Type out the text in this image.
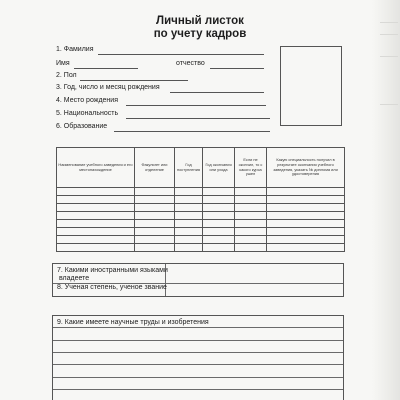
Личный листок
по учету кадров
1. Фамилия
Имя	отчество
2. Пол
3. Год, число и месяц рождения
4. Место рождения
5. Национальность
6. Образование
Наименование учебного заведения и его местонахождение	Факультет или отделение	Год поступления	Год окончания или ухода	Если не окончил, то с какого курса ушел	Какую специальность получил в результате окончания учебного заведения, указать № диплома или удостоверения

7. Какими иностранными языками
владеете
8. Ученая степень, ученое звание
9. Какие имеете научные труды и изобретения
